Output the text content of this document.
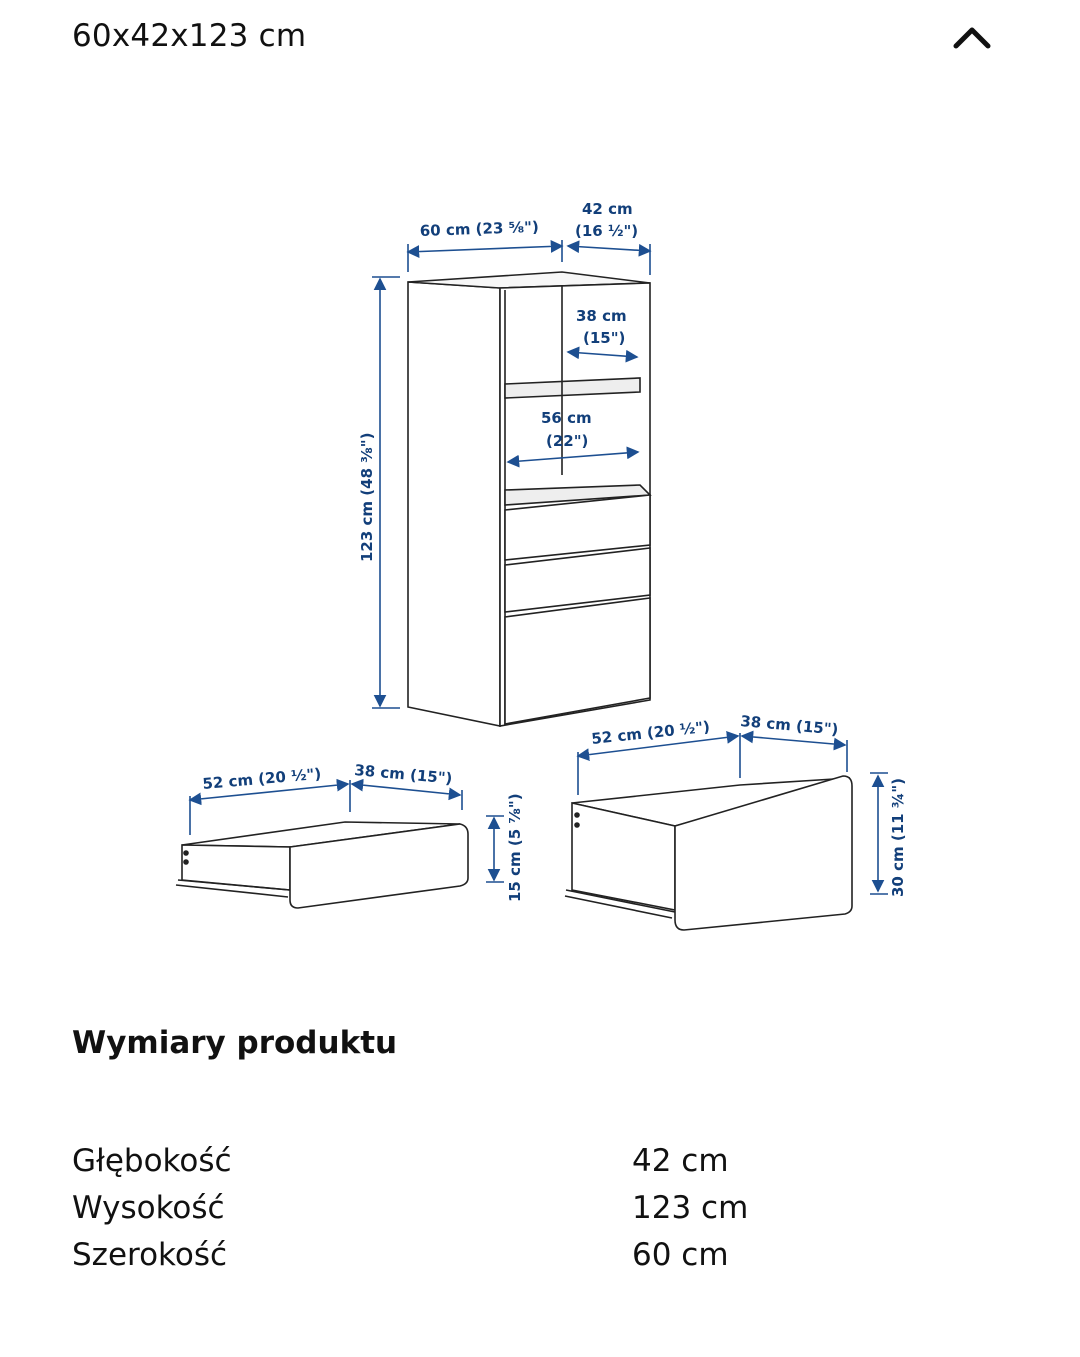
60x42x123 cm
60 cm (23 ⅝")
42 cm
(16 ½")
123 cm (48 ⅜")
38 cm
(15")
56 cm
(22")
52 cm (20 ½") 38 cm (15")
15 cm (5 ⅞")
52 cm (20 ½") 38 cm (15")
30 cm (11 ¾")
Wymiary produktu
Głębokość	42 cm
Wysokość	123 cm
Szerokość	60 cm
